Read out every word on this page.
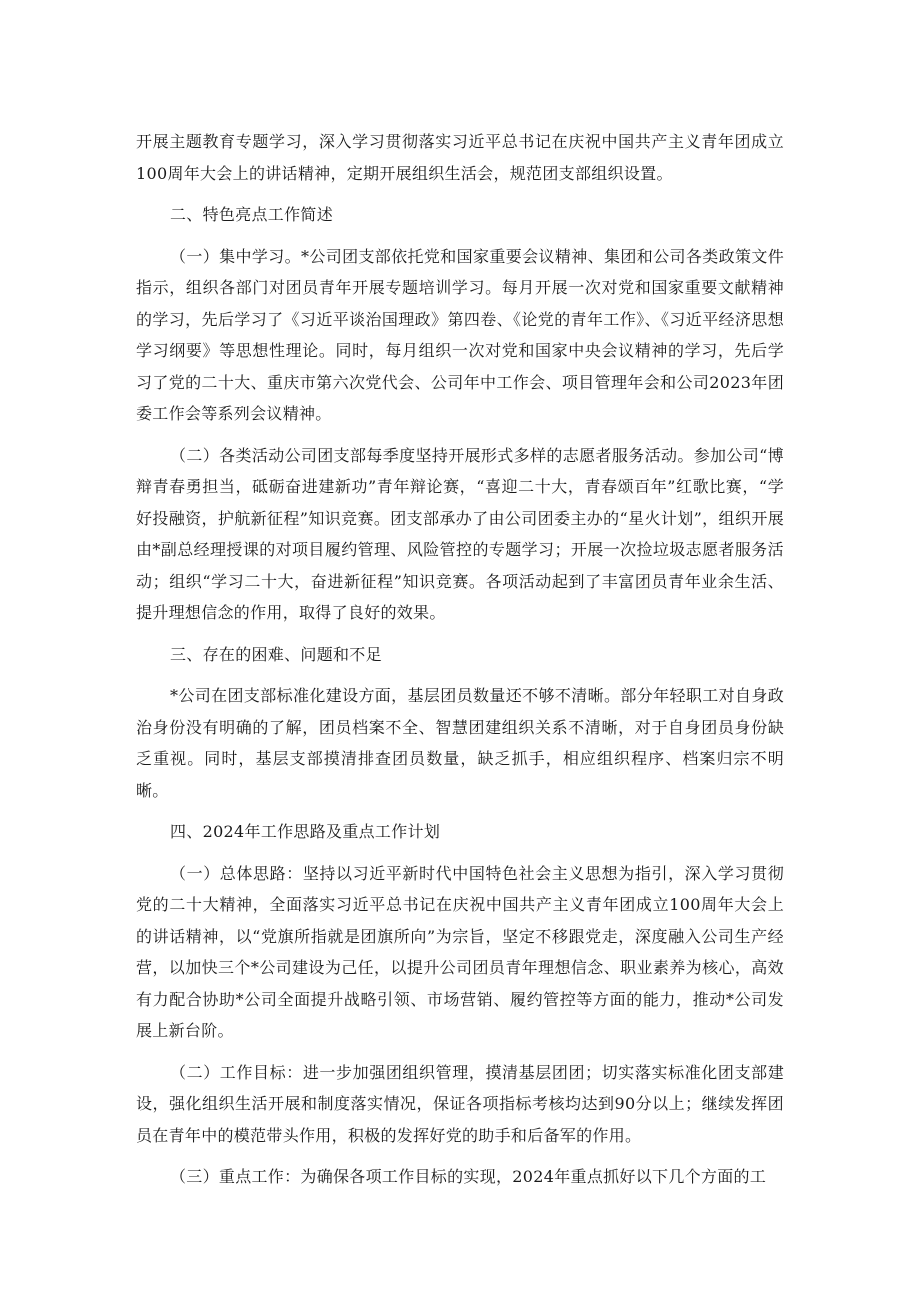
开展主题教育专题学习，深入学习贯彻落实习近平总书记在庆祝中国共产主义青年团成立100周年大会上的讲话精神，定期开展组织生活会，规范团支部组织设置。

二、特色亮点工作简述

（一）集中学习。*公司团支部依托党和国家重要会议精神、集团和公司各类政策文件指示，组织各部门对团员青年开展专题培训学习。每月开展一次对党和国家重要文献精神的学习，先后学习了《习近平谈治国理政》第四卷、《论党的青年工作》、《习近平经济思想学习纲要》等思想性理论。同时，每月组织一次对党和国家中央会议精神的学习，先后学习了党的二十大、重庆市第六次党代会、公司年中工作会、项目管理年会和公司2023年团委工作会等系列会议精神。

（二）各类活动公司团支部每季度坚持开展形式多样的志愿者服务活动。参加公司“博辩青春勇担当，砥砺奋进建新功”青年辩论赛，“喜迎二十大，青春颂百年”红歌比赛，“学好投融资，护航新征程”知识竞赛。团支部承办了由公司团委主办的“星火计划”，组织开展由*副总经理授课的对项目履约管理、风险管控的专题学习；开展一次捡垃圾志愿者服务活动；组织“学习二十大，奋进新征程”知识竞赛。各项活动起到了丰富团员青年业余生活、提升理想信念的作用，取得了良好的效果。

三、存在的困难、问题和不足

*公司在团支部标准化建设方面，基层团员数量还不够不清晰。部分年轻职工对自身政治身份没有明确的了解，团员档案不全、智慧团建组织关系不清晰，对于自身团员身份缺乏重视。同时，基层支部摸清排查团员数量，缺乏抓手，相应组织程序、档案归宗不明晰。

四、2024年工作思路及重点工作计划

（一）总体思路：坚持以习近平新时代中国特色社会主义思想为指引，深入学习贯彻党的二十大精神，全面落实习近平总书记在庆祝中国共产主义青年团成立100周年大会上的讲话精神，以“党旗所指就是团旗所向”为宗旨，坚定不移跟党走，深度融入公司生产经营，以加快三个*公司建设为己任，以提升公司团员青年理想信念、职业素养为核心，高效有力配合协助*公司全面提升战略引领、市场营销、履约管控等方面的能力，推动*公司发展上新台阶。

（二）工作目标：进一步加强团组织管理，摸清基层团团；切实落实标准化团支部建设，强化组织生活开展和制度落实情况，保证各项指标考核均达到90分以上；继续发挥团员在青年中的模范带头作用，积极的发挥好党的助手和后备军的作用。

（三）重点工作：为确保各项工作目标的实现，2024年重点抓好以下几个方面的工
